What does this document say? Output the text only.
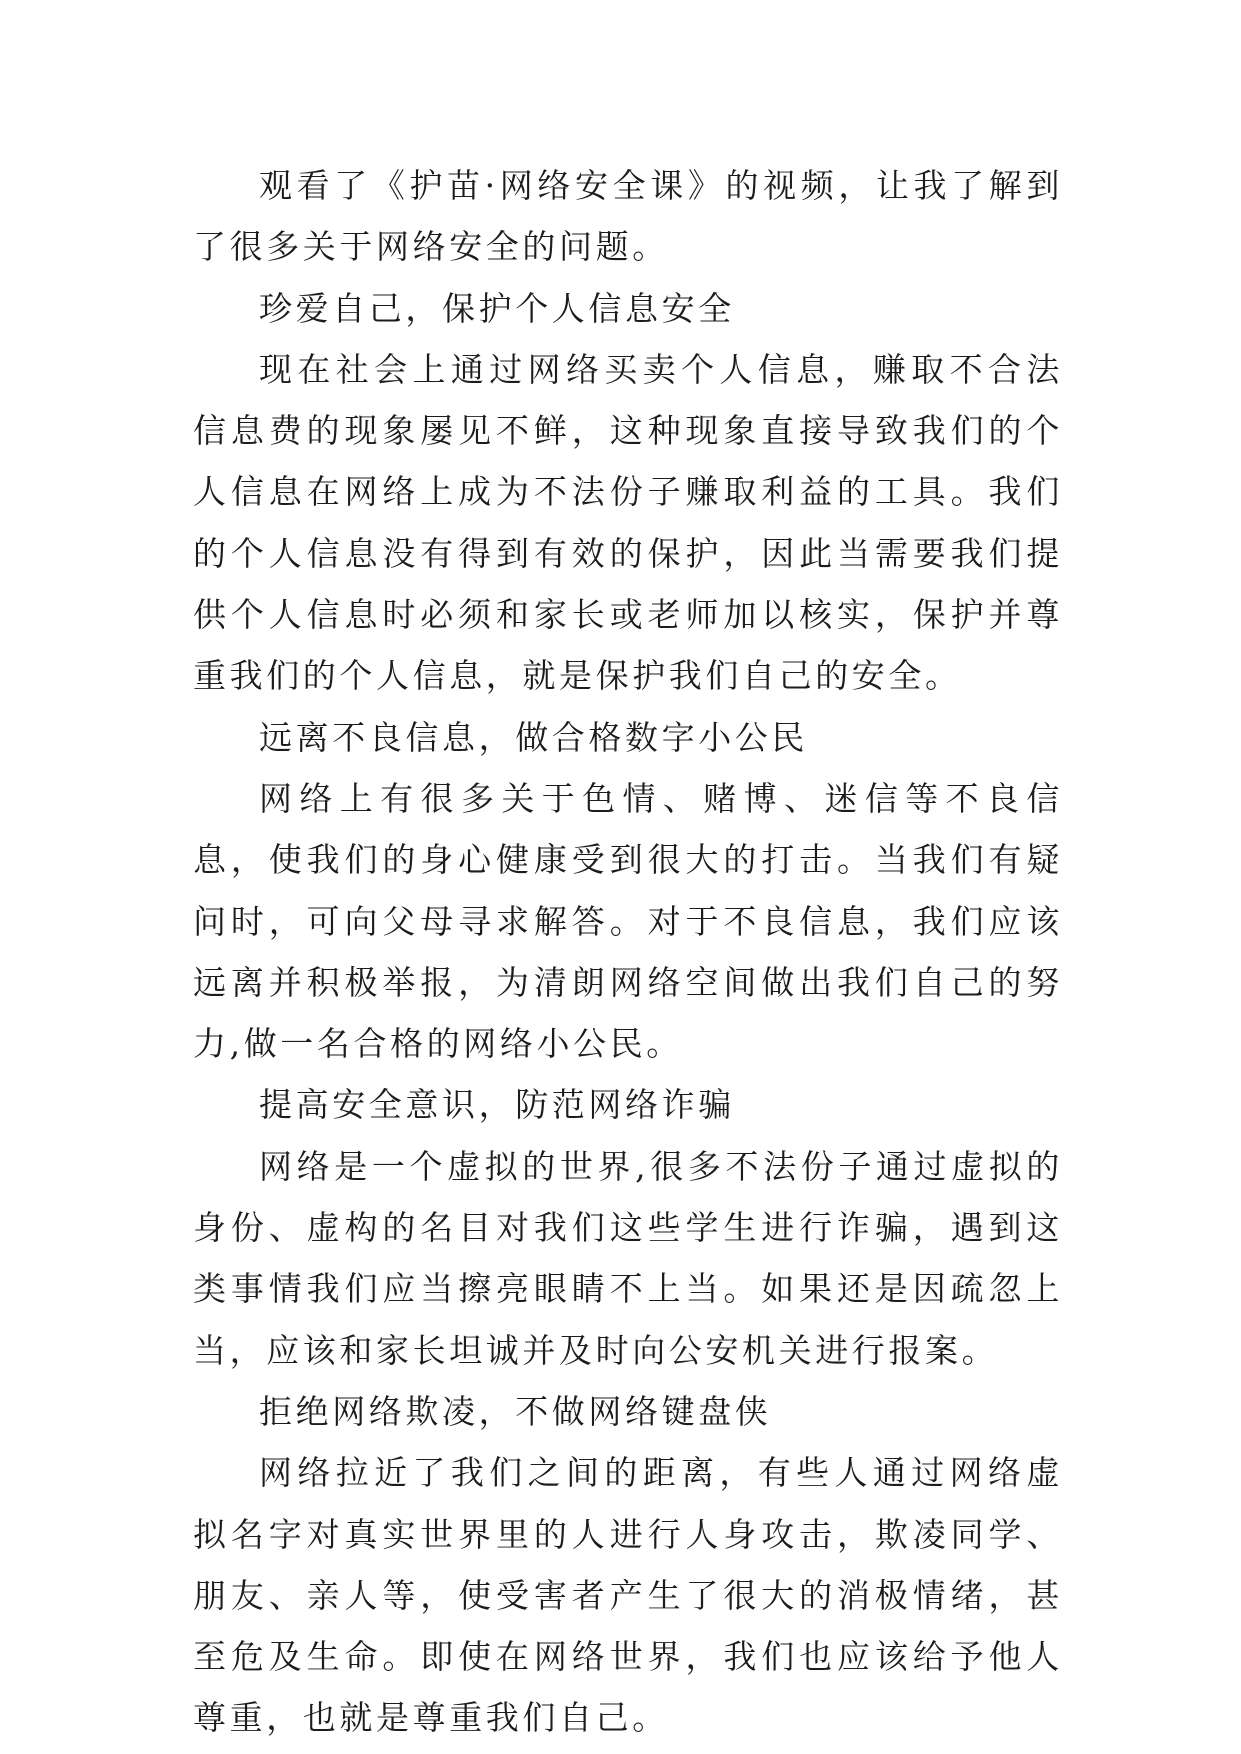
观看了《护苗·网络安全课》的视频，让我了解到了很多关于网络安全的问题。

珍爱自己，保护个人信息安全

现在社会上通过网络买卖个人信息，赚取不合法信息费的现象屡见不鲜，这种现象直接导致我们的个人信息在网络上成为不法份子赚取利益的工具。我们的个人信息没有得到有效的保护，因此当需要我们提供个人信息时必须和家长或老师加以核实，保护并尊重我们的个人信息，就是保护我们自己的安全。

远离不良信息，做合格数字小公民

网络上有很多关于色情、赌博、迷信等不良信息，使我们的身心健康受到很大的打击。当我们有疑问时，可向父母寻求解答。对于不良信息，我们应该远离并积极举报，为清朗网络空间做出我们自己的努力,做一名合格的网络小公民。

提高安全意识，防范网络诈骗

网络是一个虚拟的世界,很多不法份子通过虚拟的身份、虚构的名目对我们这些学生进行诈骗，遇到这类事情我们应当擦亮眼睛不上当。如果还是因疏忽上当，应该和家长坦诚并及时向公安机关进行报案。

拒绝网络欺凌，不做网络键盘侠

网络拉近了我们之间的距离，有些人通过网络虚拟名字对真实世界里的人进行人身攻击，欺凌同学、朋友、亲人等，使受害者产生了很大的消极情绪，甚至危及生命。即使在网络世界，我们也应该给予他人尊重，也就是尊重我们自己。
